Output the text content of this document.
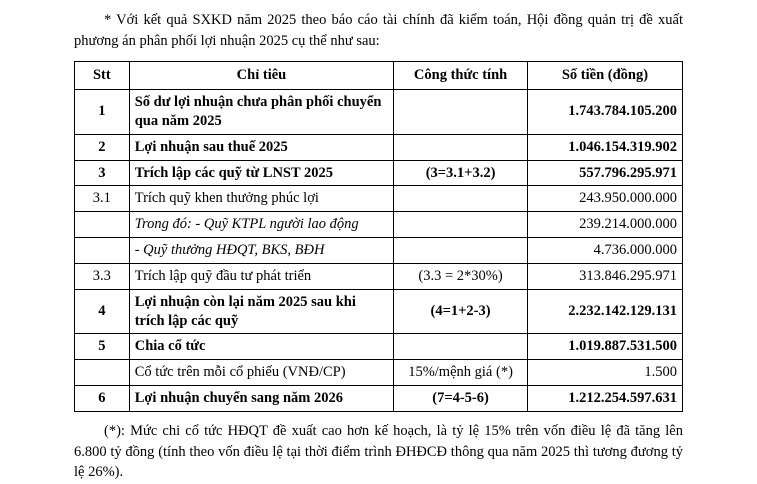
* Với kết quả SXKD năm 2025 theo báo cáo tài chính đã kiểm toán, Hội đồng quản trị đề xuất phương án phân phối lợi nhuận 2025 cụ thể như sau:

Stt	Chỉ tiêu	Công thức tính	Số tiền (đồng)
1	Số dư lợi nhuận chưa phân phối chuyển qua năm 2025		1.743.784.105.200
2	Lợi nhuận sau thuế 2025		1.046.154.319.902
3	Trích lập các quỹ từ LNST 2025	(3=3.1+3.2)	557.796.295.971
3.1	Trích quỹ khen thưởng phúc lợi		243.950.000.000
	Trong đó: - Quỹ KTPL người lao động		239.214.000.000
	- Quỹ thưởng HĐQT, BKS, BĐH		4.736.000.000
3.3	Trích lập quỹ đầu tư phát triển	(3.3 = 2*30%)	313.846.295.971
4	Lợi nhuận còn lại năm 2025 sau khi trích lập các quỹ	(4=1+2-3)	2.232.142.129.131
5	Chia cổ tức		1.019.887.531.500
	Cổ tức trên mỗi cổ phiếu (VNĐ/CP)	15%/mệnh giá (*)	1.500
6	Lợi nhuận chuyển sang năm 2026	(7=4-5-6)	1.212.254.597.631

(*): Mức chi cổ tức HĐQT đề xuất cao hơn kế hoạch, là tỷ lệ 15% trên vốn điều lệ đã tăng lên 6.800 tỷ đồng (tính theo vốn điều lệ tại thời điểm trình ĐHĐCĐ thông qua năm 2025 thì tương đương tỷ lệ 26%).
